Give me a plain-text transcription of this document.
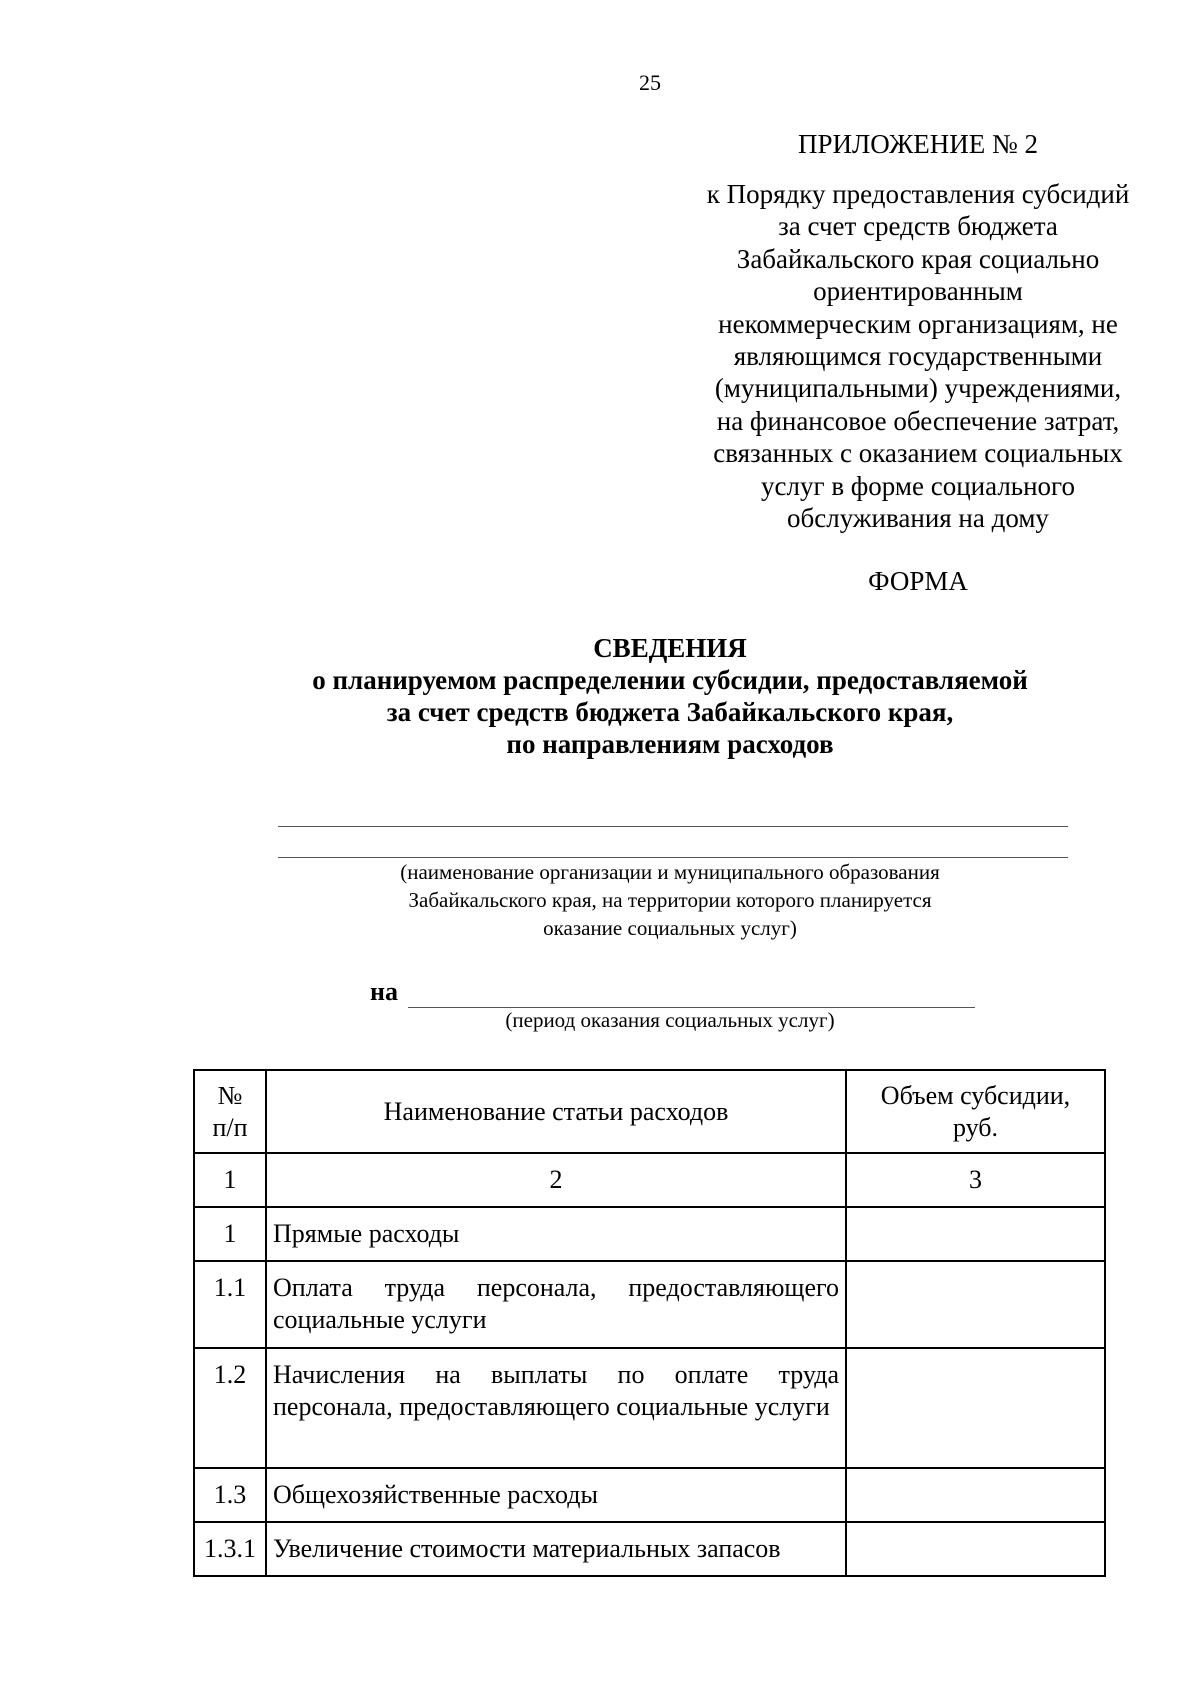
25
ПРИЛОЖЕНИЕ № 2
к Порядку предоставления субсидий
за счет средств бюджета
Забайкальского края социально
ориентированным
некоммерческим организациям, не
являющимся государственными
(муниципальными) учреждениями,
на финансовое обеспечение затрат,
связанных с оказанием социальных
услуг в форме социального
обслуживания на дому
ФОРМА
СВЕДЕНИЯ
о планируемом распределении субсидии, предоставляемой
за счет средств бюджета Забайкальского края,
по направлениям расходов
(наименование организации и муниципального образования
Забайкальского края, на территории которого планируется
оказание социальных услуг)
на
(период оказания социальных услуг)
№ п/п	Наименование статьи расходов	Объем субсидии, руб.
1	2	3
1	Прямые расходы	
1.1	Оплата труда персонала, предоставляющего социальные услуги	
1.2	Начисления на выплаты по оплате труда персонала, предоставляющего социальные услуги	
1.3	Общехозяйственные расходы	
1.3.1	Увеличение стоимости материальных запасов	
